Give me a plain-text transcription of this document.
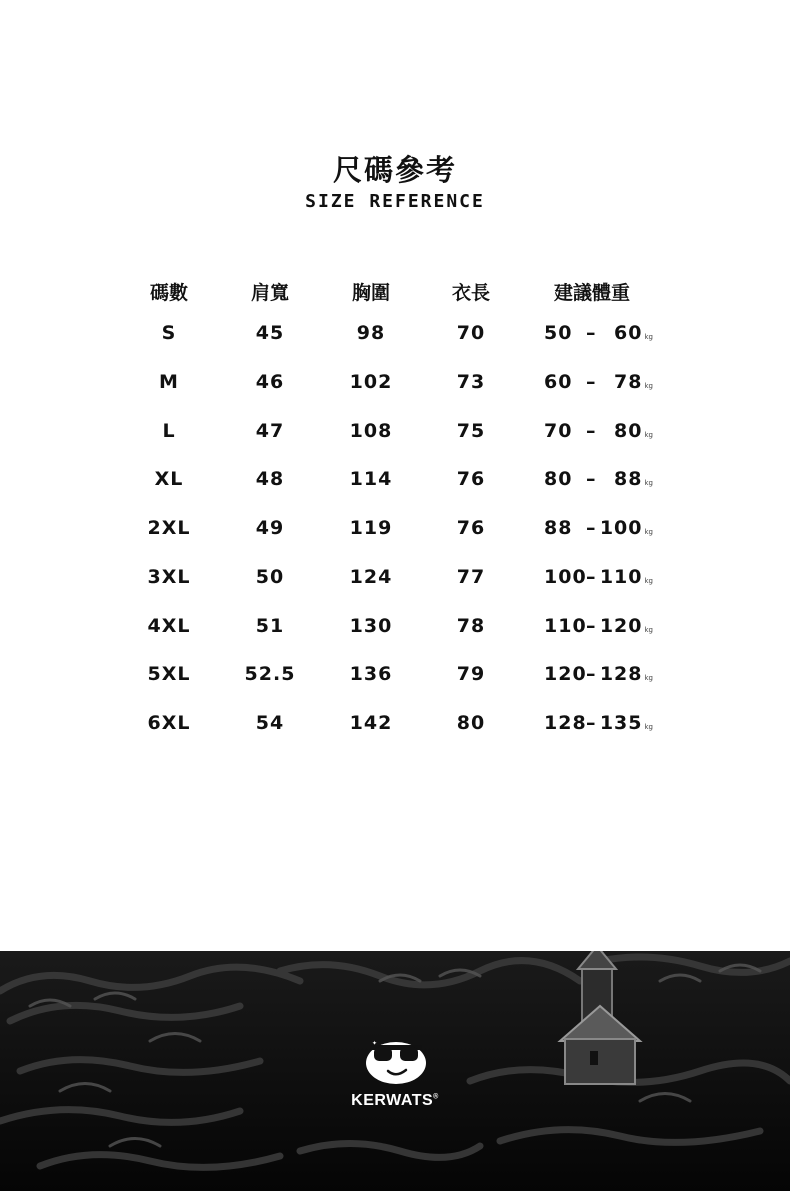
尺碼參考
SIZE REFERENCE
碼數	肩寬	胸圍	衣長	建議體重
S	45	98	70	50 – 60 kg
M	46	102	73	60 – 78 kg
L	47	108	75	70 – 80 kg
XL	48	114	76	80 – 88 kg
2XL	49	119	76	88 – 100 kg
3XL	50	124	77	100 – 110 kg
4XL	51	130	78	110 – 120 kg
5XL	52.5	136	79	120 – 128 kg
6XL	54	142	80	128 – 135 kg
✦
KERWATS®
